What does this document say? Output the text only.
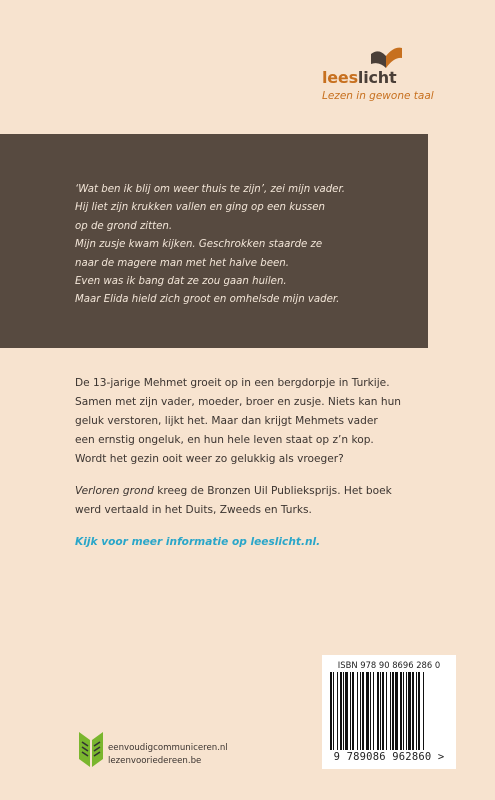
leeslicht
Lezen in gewone taal
‘Wat ben ik blij om weer thuis te zijn’, zei mijn vader.
Hij liet zijn krukken vallen en ging op een kussen
op de grond zitten.
Mijn zusje kwam kijken. Geschrokken staarde ze
naar de magere man met het halve been.
Even was ik bang dat ze zou gaan huilen.
Maar Elida hield zich groot en omhelsde mijn vader.
De 13-jarige Mehmet groeit op in een bergdorpje in Turkije.
Samen met zijn vader, moeder, broer en zusje. Niets kan hun
geluk verstoren, lijkt het. Maar dan krijgt Mehmets vader
een ernstig ongeluk, en hun hele leven staat op z’n kop.
Wordt het gezin ooit weer zo gelukkig als vroeger?
Verloren grond kreeg de Bronzen Uil Publieksprijs. Het boek
werd vertaald in het Duits, Zweeds en Turks.
Kijk voor meer informatie op leeslicht.nl.
ISBN 978 90 8696 286 0
9 789086 962860 >
eenvoudigcommuniceren.nl
lezenvooriedereen.be
